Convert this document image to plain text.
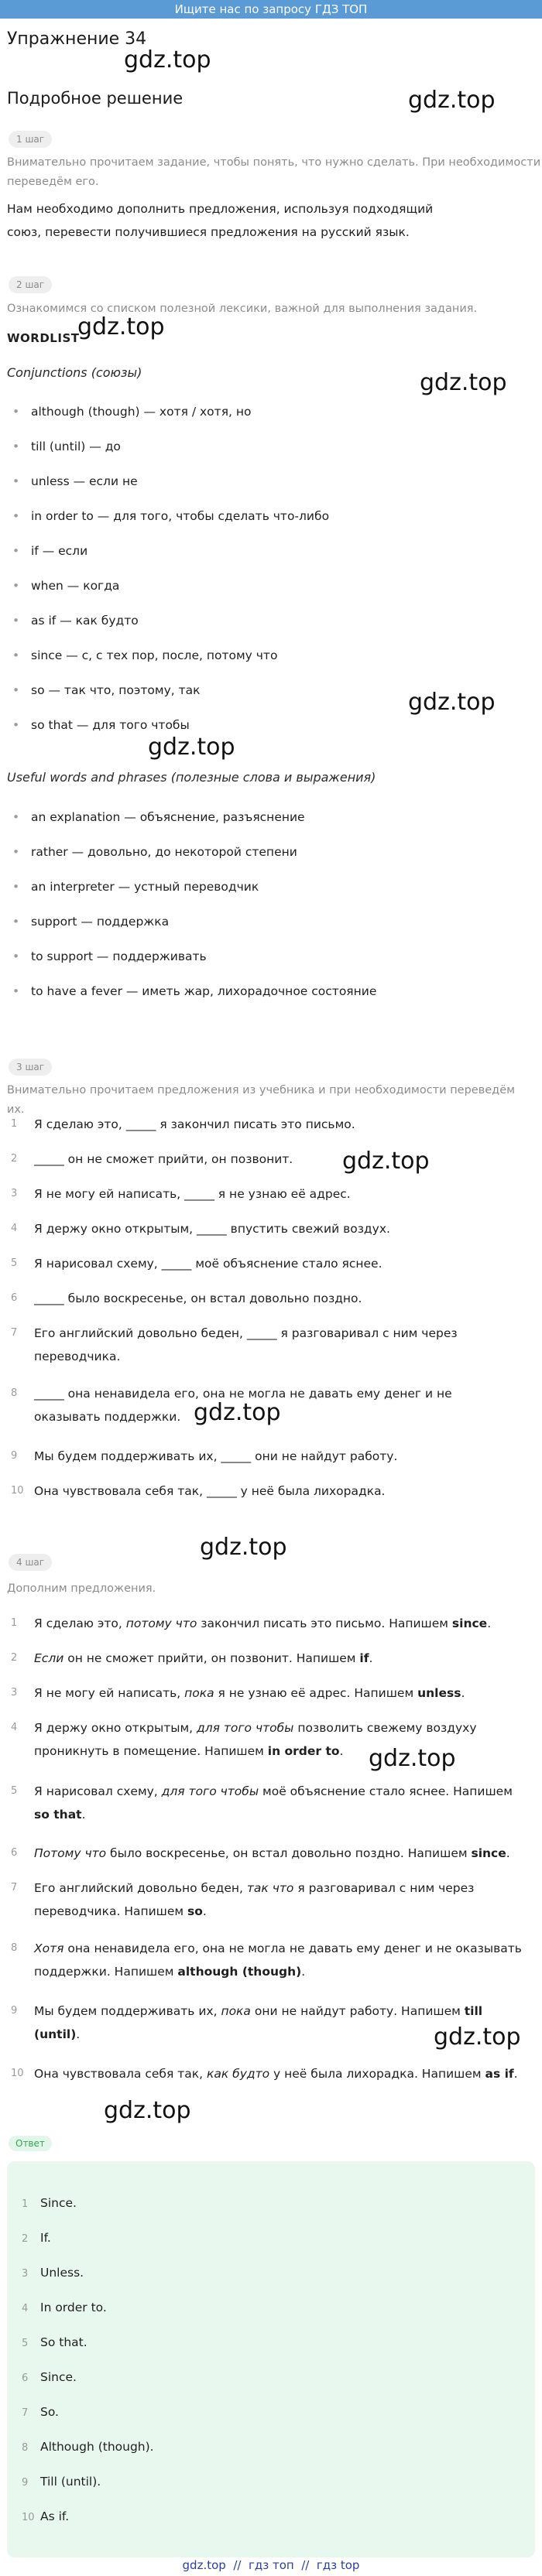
Ищите нас по запросу ГДЗ ТОП
Упражнение 34
Подробное решение
gdz.top
gdz.top
gdz.top
gdz.top
gdz.top
gdz.top
gdz.top
gdz.top
gdz.top
gdz.top
gdz.top
gdz.top
1 шаг
Внимательно прочитаем задание, чтобы понять, что нужно сделать. При необходимости переведём его.
Нам необходимо дополнить предложения, используя подходящий союз, перевести получившиеся предложения на русский язык.
2 шаг
Ознакомимся со списком полезной лексики, важной для выполнения задания.
WORDLIST
Conjunctions (союзы)
• although (though) — хотя / хотя, но
• till (until) — до
• unless — если не
• in order to — для того, чтобы сделать что-либо
• if — если
• when — когда
• as if — как будто
• since — с, с тех пор, после, потому что
• so — так что, поэтому, так
• so that — для того чтобы
Useful words and phrases (полезные слова и выражения)
• an explanation — объяснение, разъяснение
• rather — довольно, до некоторой степени
• an interpreter — устный переводчик
• support — поддержка
• to support — поддерживать
• to have a fever — иметь жар, лихорадочное состояние
3 шаг
Внимательно прочитаем предложения из учебника и при необходимости переведём их.
1	Я сделаю это, _____ я закончил писать это письмо.
2	_____ он не сможет прийти, он позвонит.
3	Я не могу ей написать, _____ я не узнаю её адрес.
4	Я держу окно открытым, _____ впустить свежий воздух.
5	Я нарисовал схему, _____ моё объяснение стало яснее.
6	_____ было воскресенье, он встал довольно поздно.
7	Его английский довольно беден, _____ я разговаривал с ним через переводчика.
8	_____ она ненавидела его, она не могла не давать ему денег и не оказывать поддержки.
9	Мы будем поддерживать их, _____ они не найдут работу.
10 Она чувствовала себя так, _____ у неё была лихорадка.
4 шаг
Дополним предложения.
1	Я сделаю это, потому что закончил писать это письмо. Напишем since.
2	Если он не сможет прийти, он позвонит. Напишем if.
3	Я не могу ей написать, пока я не узнаю её адрес. Напишем unless.
4	Я держу окно открытым, для того чтобы позволить свежему воздуху проникнуть в помещение. Напишем in order to.
5	Я нарисовал схему, для того чтобы моё объяснение стало яснее. Напишем so that.
6	Потому что было воскресенье, он встал довольно поздно. Напишем since.
7	Его английский довольно беден, так что я разговаривал с ним через переводчика. Напишем so.
8	Хотя она ненавидела его, она не могла не давать ему денег и не оказывать поддержки. Напишем although (though).
9	Мы будем поддерживать их, пока они не найдут работу. Напишем till (until).
10 Она чувствовала себя так, как будто у неё была лихорадка. Напишем as if.
Ответ
1 Since.
2 If.
3 Unless.
4 In order to.
5 So that.
6 Since.
7 So.
8 Although (though).
9 Till (until).
10 As if.
gdz.top  //  гдз топ  //  гдз top
